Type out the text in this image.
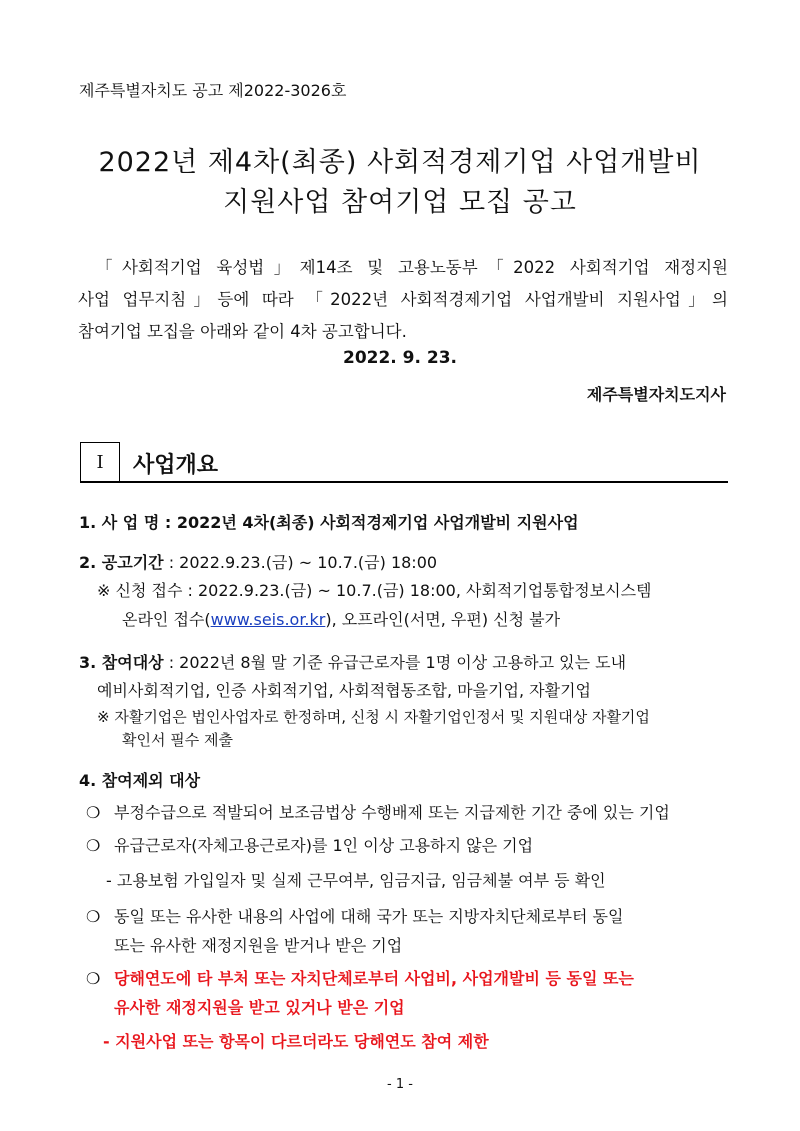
제주특별자치도 공고 제2022-3026호
2022년 제4차(최종) 사회적경제기업 사업개발비
지원사업 참여기업 모집 공고
「사회적기업 육성법」제14조 및 고용노동부「2022 사회적기업 재정지원
사업 업무지침」등에 따라 「2022년 사회적경제기업 사업개발비 지원사업」의
참여기업 모집을 아래와 같이 4차 공고합니다.
2022. 9. 23.
제주특별자치도지사
I 사업개요
1. 사 업 명 : 2022년 4차(최종) 사회적경제기업 사업개발비 지원사업
2. 공고기간 : 2022.9.23.(금) ~ 10.7.(금) 18:00
※ 신청 접수 : 2022.9.23.(금) ~ 10.7.(금) 18:00, 사회적기업통합정보시스템
온라인 접수(www.seis.or.kr), 오프라인(서면, 우편) 신청 불가
3. 참여대상 : 2022년 8월 말 기준 유급근로자를 1명 이상 고용하고 있는 도내
예비사회적기업, 인증 사회적기업, 사회적협동조합, 마을기업, 자활기업
※ 자활기업은 법인사업자로 한정하며, 신청 시 자활기업인정서 및 지원대상 자활기업
확인서 필수 제출
4. 참여제외 대상
❍ 부정수급으로 적발되어 보조금법상 수행배제 또는 지급제한 기간 중에 있는 기업
❍ 유급근로자(자체고용근로자)를 1인 이상 고용하지 않은 기업
- 고용보험 가입일자 및 실제 근무여부, 임금지급, 임금체불 여부 등 확인
❍ 동일 또는 유사한 내용의 사업에 대해 국가 또는 지방자치단체로부터 동일
또는 유사한 재정지원을 받거나 받은 기업
❍ 당해연도에 타 부처 또는 자치단체로부터 사업비, 사업개발비 등 동일 또는
유사한 재정지원을 받고 있거나 받은 기업
- 지원사업 또는 항목이 다르더라도 당해연도 참여 제한
- 1 -
